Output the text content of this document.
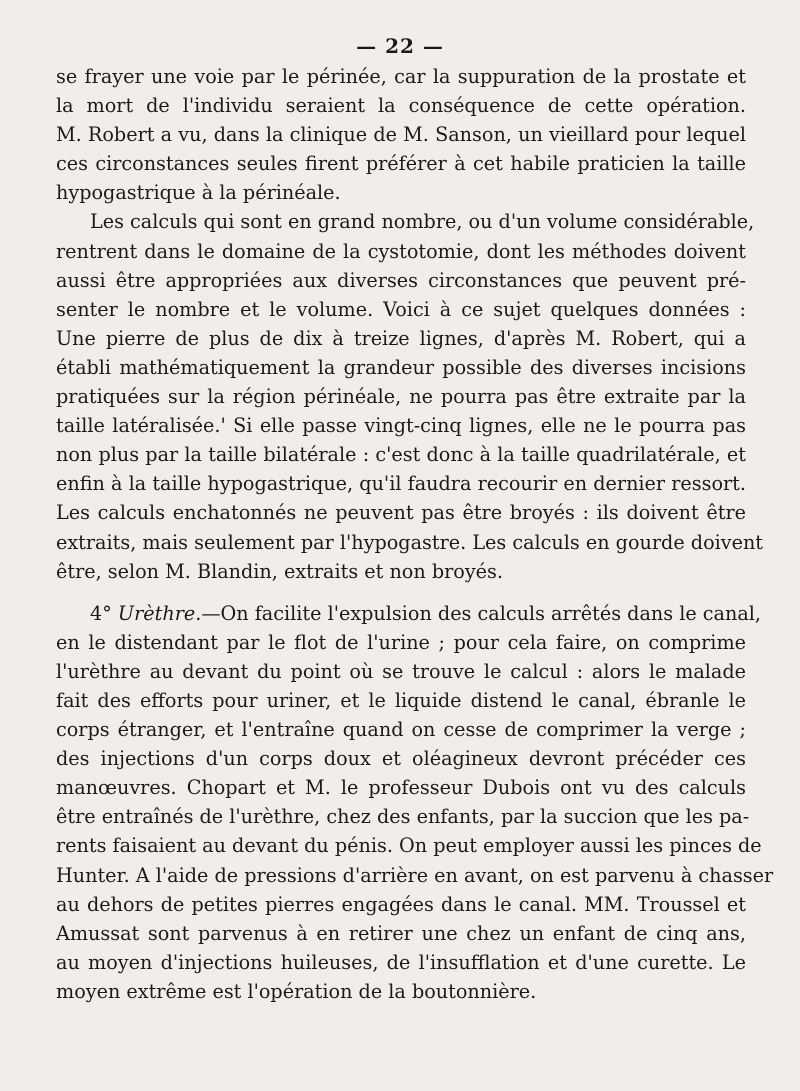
— 22 —

se frayer une voie par le périnée, car la suppuration de la prostate et
la mort de l'individu seraient la conséquence de cette opération.
M. Robert a vu, dans la clinique de M. Sanson, un vieillard pour lequel
ces circonstances seules firent préférer à cet habile praticien la taille
hypogastrique à la périnéale.

Les calculs qui sont en grand nombre, ou d'un volume considérable,
rentrent dans le domaine de la cystotomie, dont les méthodes doivent
aussi être appropriées aux diverses circonstances que peuvent pré-
senter le nombre et le volume. Voici à ce sujet quelques données :
Une pierre de plus de dix à treize lignes, d'après M. Robert, qui a
établi mathématiquement la grandeur possible des diverses incisions
pratiquées sur la région périnéale, ne pourra pas être extraite par la
taille latéralisée.' Si elle passe vingt-cinq lignes, elle ne le pourra pas
non plus par la taille bilatérale : c'est donc à la taille quadrilatérale, et
enfin à la taille hypogastrique, qu'il faudra recourir en dernier ressort.
Les calculs enchatonnés ne peuvent pas être broyés : ils doivent être
extraits, mais seulement par l'hypogastre. Les calculs en gourde doivent
être, selon M. Blandin, extraits et non broyés.

4° Urèthre.—On facilite l'expulsion des calculs arrêtés dans le canal,
en le distendant par le flot de l'urine ; pour cela faire, on comprime
l'urèthre au devant du point où se trouve le calcul : alors le malade
fait des efforts pour uriner, et le liquide distend le canal, ébranle le
corps étranger, et l'entraîne quand on cesse de comprimer la verge ;
des injections d'un corps doux et oléagineux devront précéder ces
manœuvres. Chopart et M. le professeur Dubois ont vu des calculs
être entraînés de l'urèthre, chez des enfants, par la succion que les pa-
rents faisaient au devant du pénis. On peut employer aussi les pinces de
Hunter. A l'aide de pressions d'arrière en avant, on est parvenu à chasser
au dehors de petites pierres engagées dans le canal. MM. Troussel et
Amussat sont parvenus à en retirer une chez un enfant de cinq ans,
au moyen d'injections huileuses, de l'insufflation et d'une curette. Le
moyen extrême est l'opération de la boutonnière.
